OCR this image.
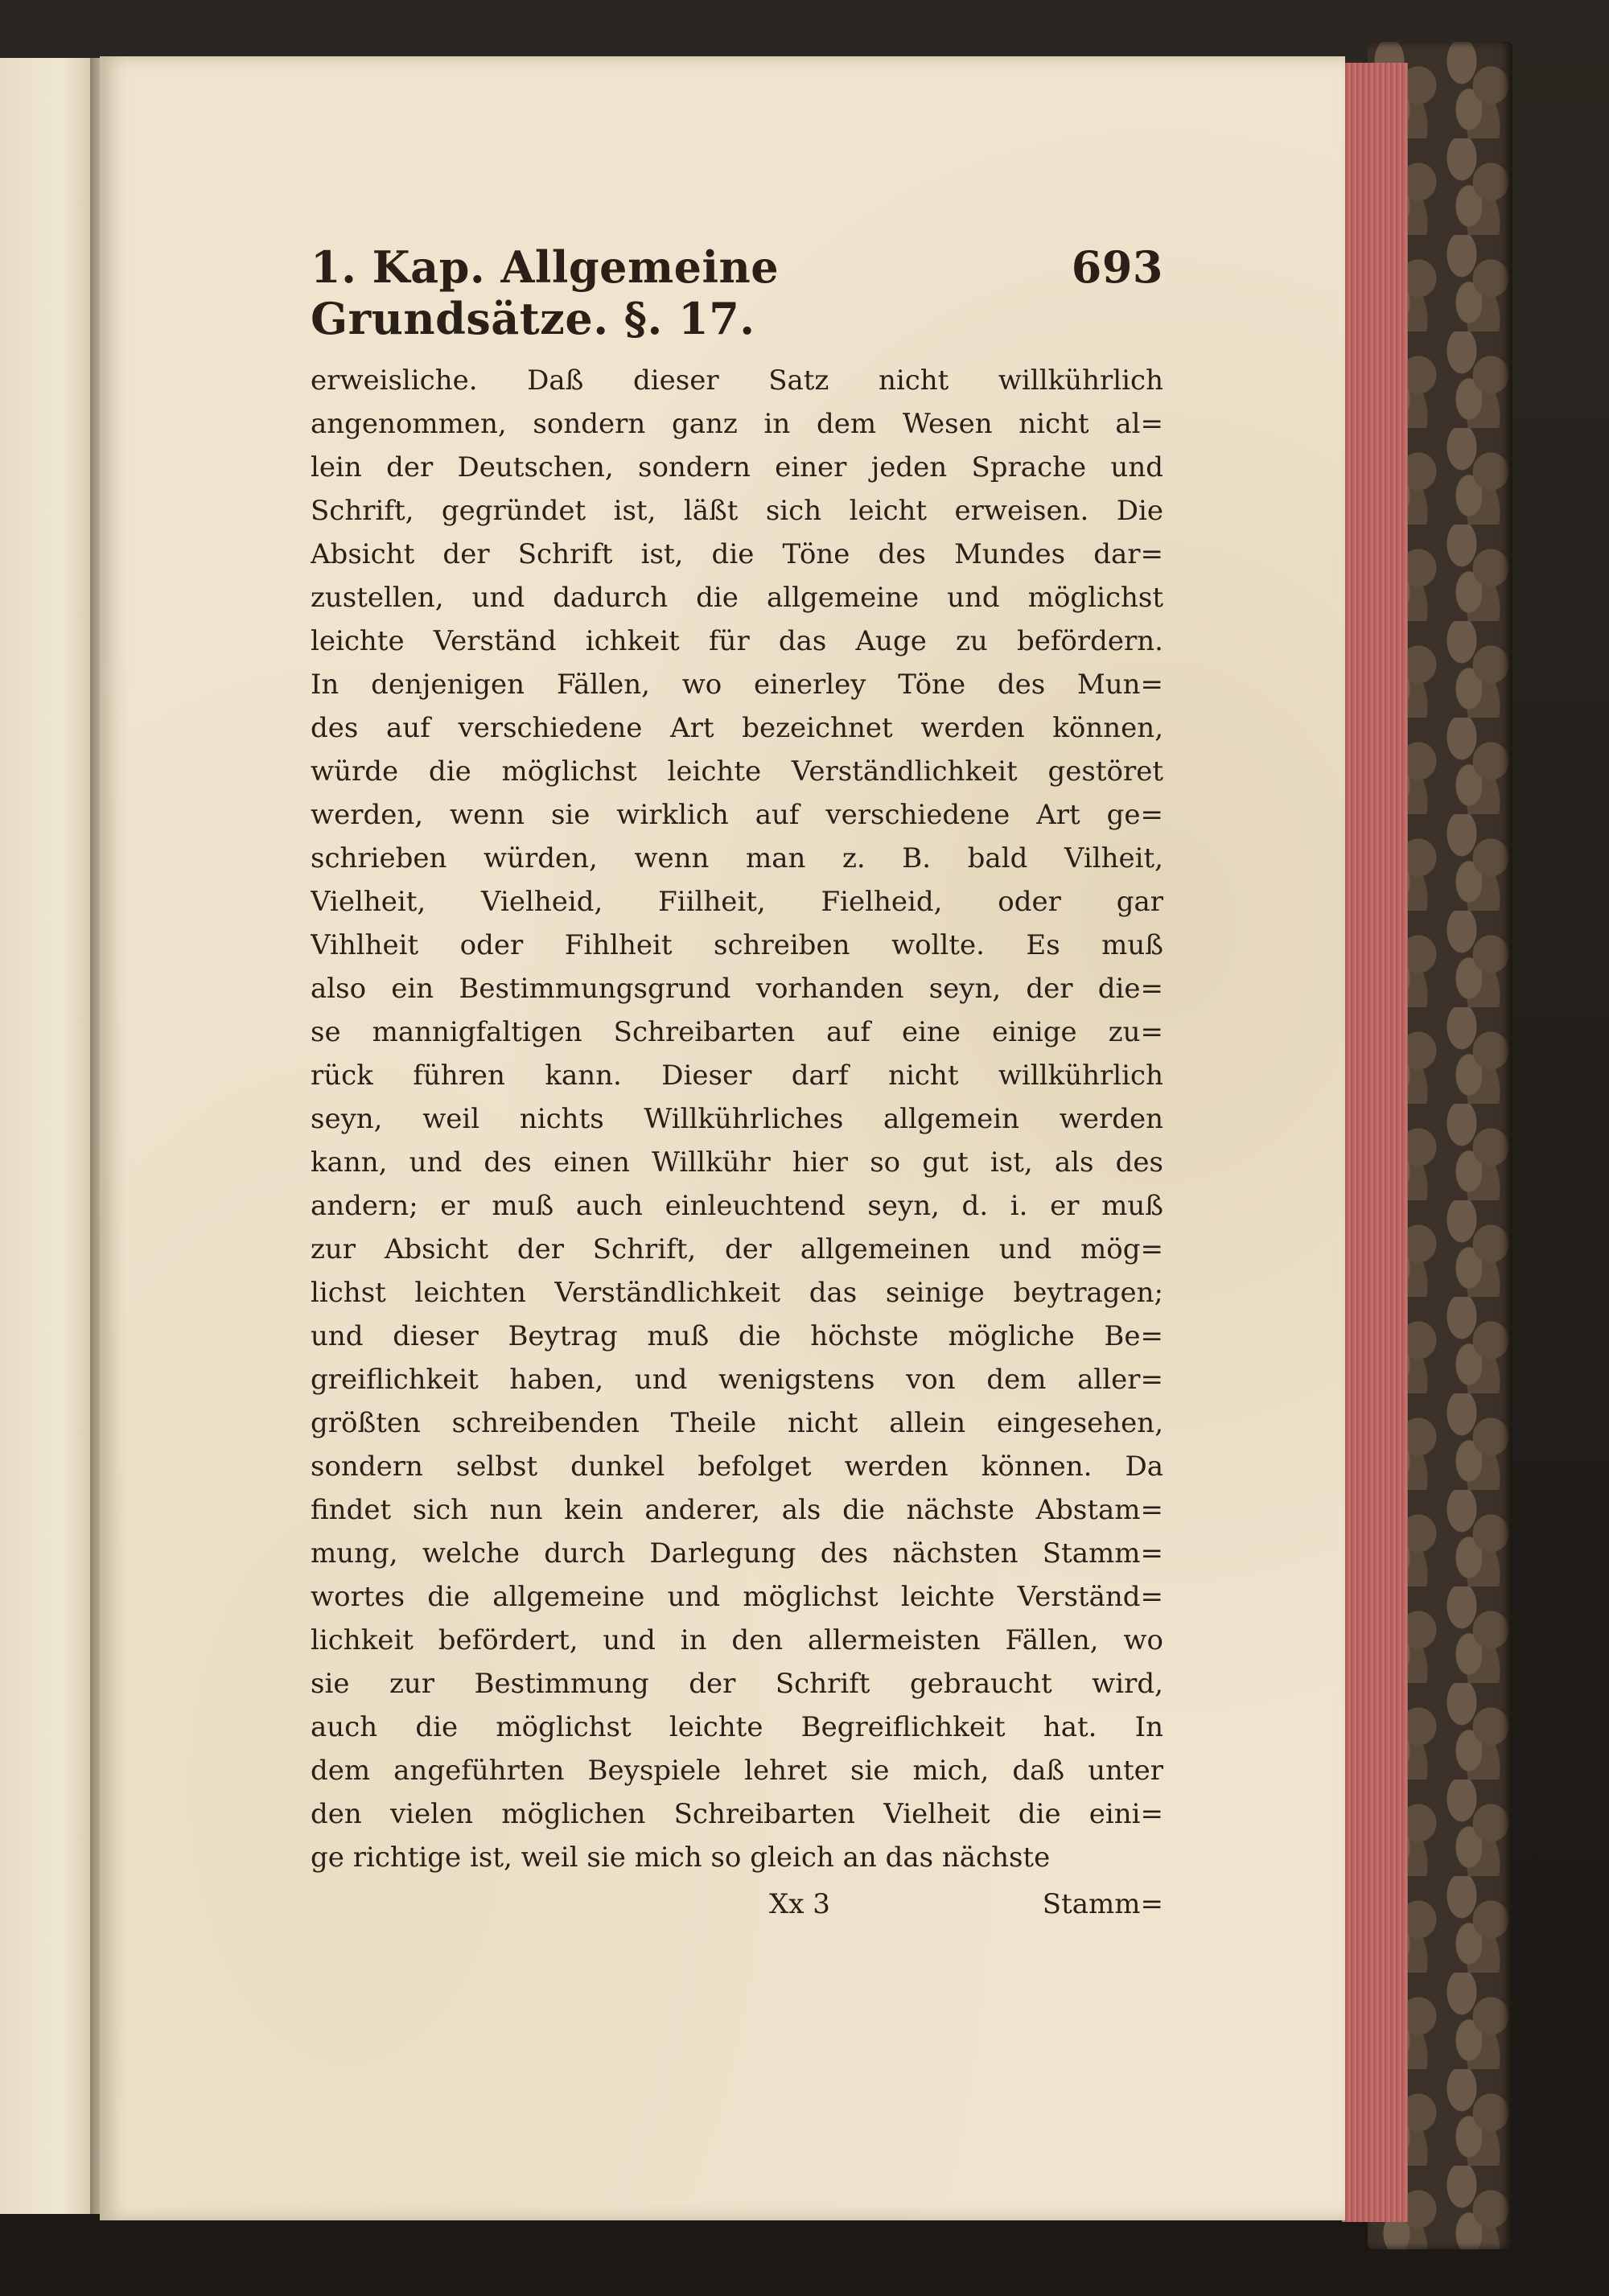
1. Kap. Allgemeine Grundsätze. §. 17.
693
erweisliche. Daß dieser Satz nicht willkührlich
angenommen, sondern ganz in dem Wesen nicht al=
lein der Deutschen, sondern einer jeden Sprache und
Schrift, gegründet ist, läßt sich leicht erweisen. Die
Absicht der Schrift ist, die Töne des Mundes dar=
zustellen, und dadurch die allgemeine und möglichst
leichte Verständ ichkeit für das Auge zu befördern.
In denjenigen Fällen, wo einerley Töne des Mun=
des auf verschiedene Art bezeichnet werden können,
würde die möglichst leichte Verständlichkeit gestöret
werden, wenn sie wirklich auf verschiedene Art ge=
schrieben würden, wenn man z. B. bald Vilheit,
Vielheit, Vielheid, Fiilheit, Fielheid, oder gar
Vihlheit oder Fihlheit schreiben wollte. Es muß
also ein Bestimmungsgrund vorhanden seyn, der die=
se mannigfaltigen Schreibarten auf eine einige zu=
rück führen kann. Dieser darf nicht willkührlich
seyn, weil nichts Willkührliches allgemein werden
kann, und des einen Willkühr hier so gut ist, als des
andern; er muß auch einleuchtend seyn, d. i. er muß
zur Absicht der Schrift, der allgemeinen und mög=
lichst leichten Verständlichkeit das seinige beytragen;
und dieser Beytrag muß die höchste mögliche Be=
greiflichkeit haben, und wenigstens von dem aller=
größten schreibenden Theile nicht allein eingesehen,
sondern selbst dunkel befolget werden können. Da
findet sich nun kein anderer, als die nächste Abstam=
mung, welche durch Darlegung des nächsten Stamm=
wortes die allgemeine und möglichst leichte Verständ=
lichkeit befördert, und in den allermeisten Fällen, wo
sie zur Bestimmung der Schrift gebraucht wird,
auch die möglichst leichte Begreiflichkeit hat. In
dem angeführten Beyspiele lehret sie mich, daß unter
den vielen möglichen Schreibarten Vielheit die eini=
ge richtige ist, weil sie mich so gleich an das nächste
Xx 3	Stamm=
